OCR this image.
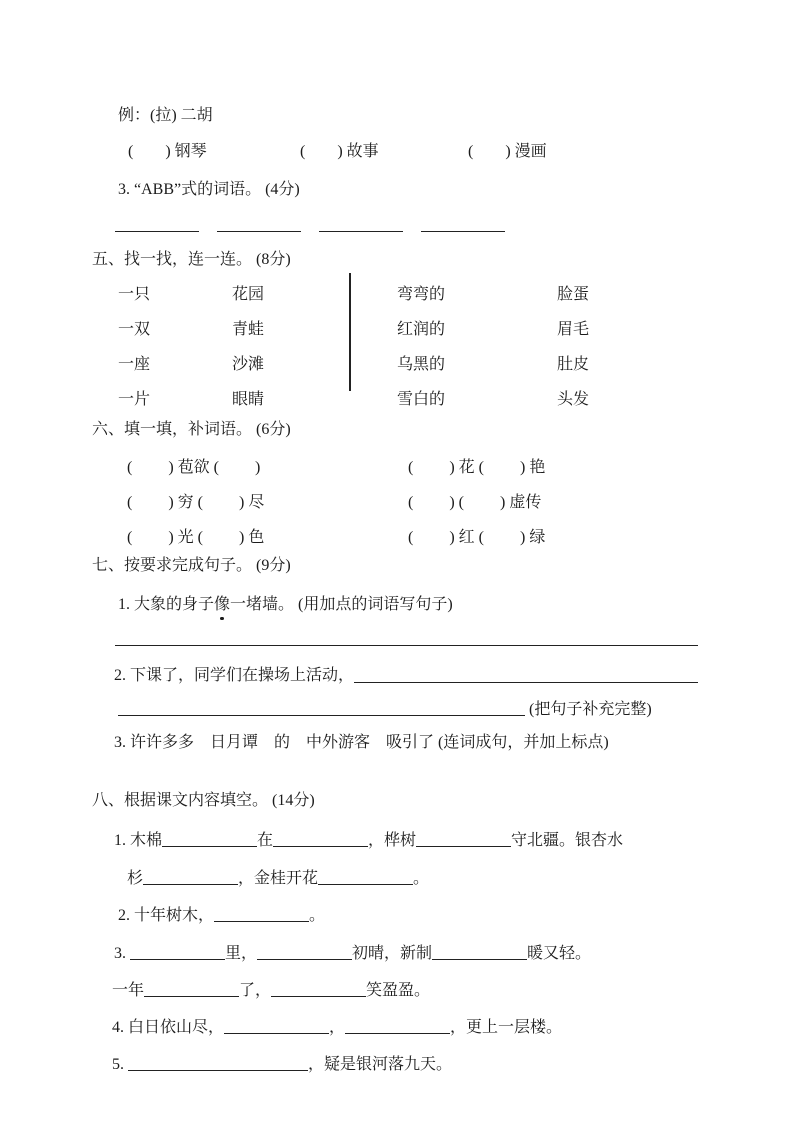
例：(拉) 二胡
(        ) 钢琴	(        ) 故事	(        ) 漫画
3. “ABB”式的词语。 (4分)
五、找一找，连一连。 (8分)
一只	花园	弯弯的	脸蛋
一双	青蛙	红润的	眉毛
一座	沙滩	乌黑的	肚皮
一片	眼睛	雪白的	头发
六、填一填，补词语。 (6分)
(         ) 苞欲 (         )	(         ) 花 (         ) 艳
(         ) 穷 (         ) 尽	(         ) (         ) 虚传
(         ) 光 (         ) 色	(         ) 红 (         ) 绿
七、按要求完成句子。 (9分)
1. 大象的身子像一堵墙。 (用加点的词语写句子)
2. 下课了，同学们在操场上活动，
(把句子补充完整)
3. 许许多多　日月谭　的　中外游客　吸引了 (连词成句，并加上标点)
八、根据课文内容填空。 (14分)
1. 木棉	在	，桦树	守北疆。银杏水
杉	，金桂开花	。
2. 十年树木，	。
3.	里，	初晴，新制	暖又轻。
一年	了，	笑盈盈。
4. 白日依山尽，	，	，更上一层楼。
5.	，疑是银河落九天。
